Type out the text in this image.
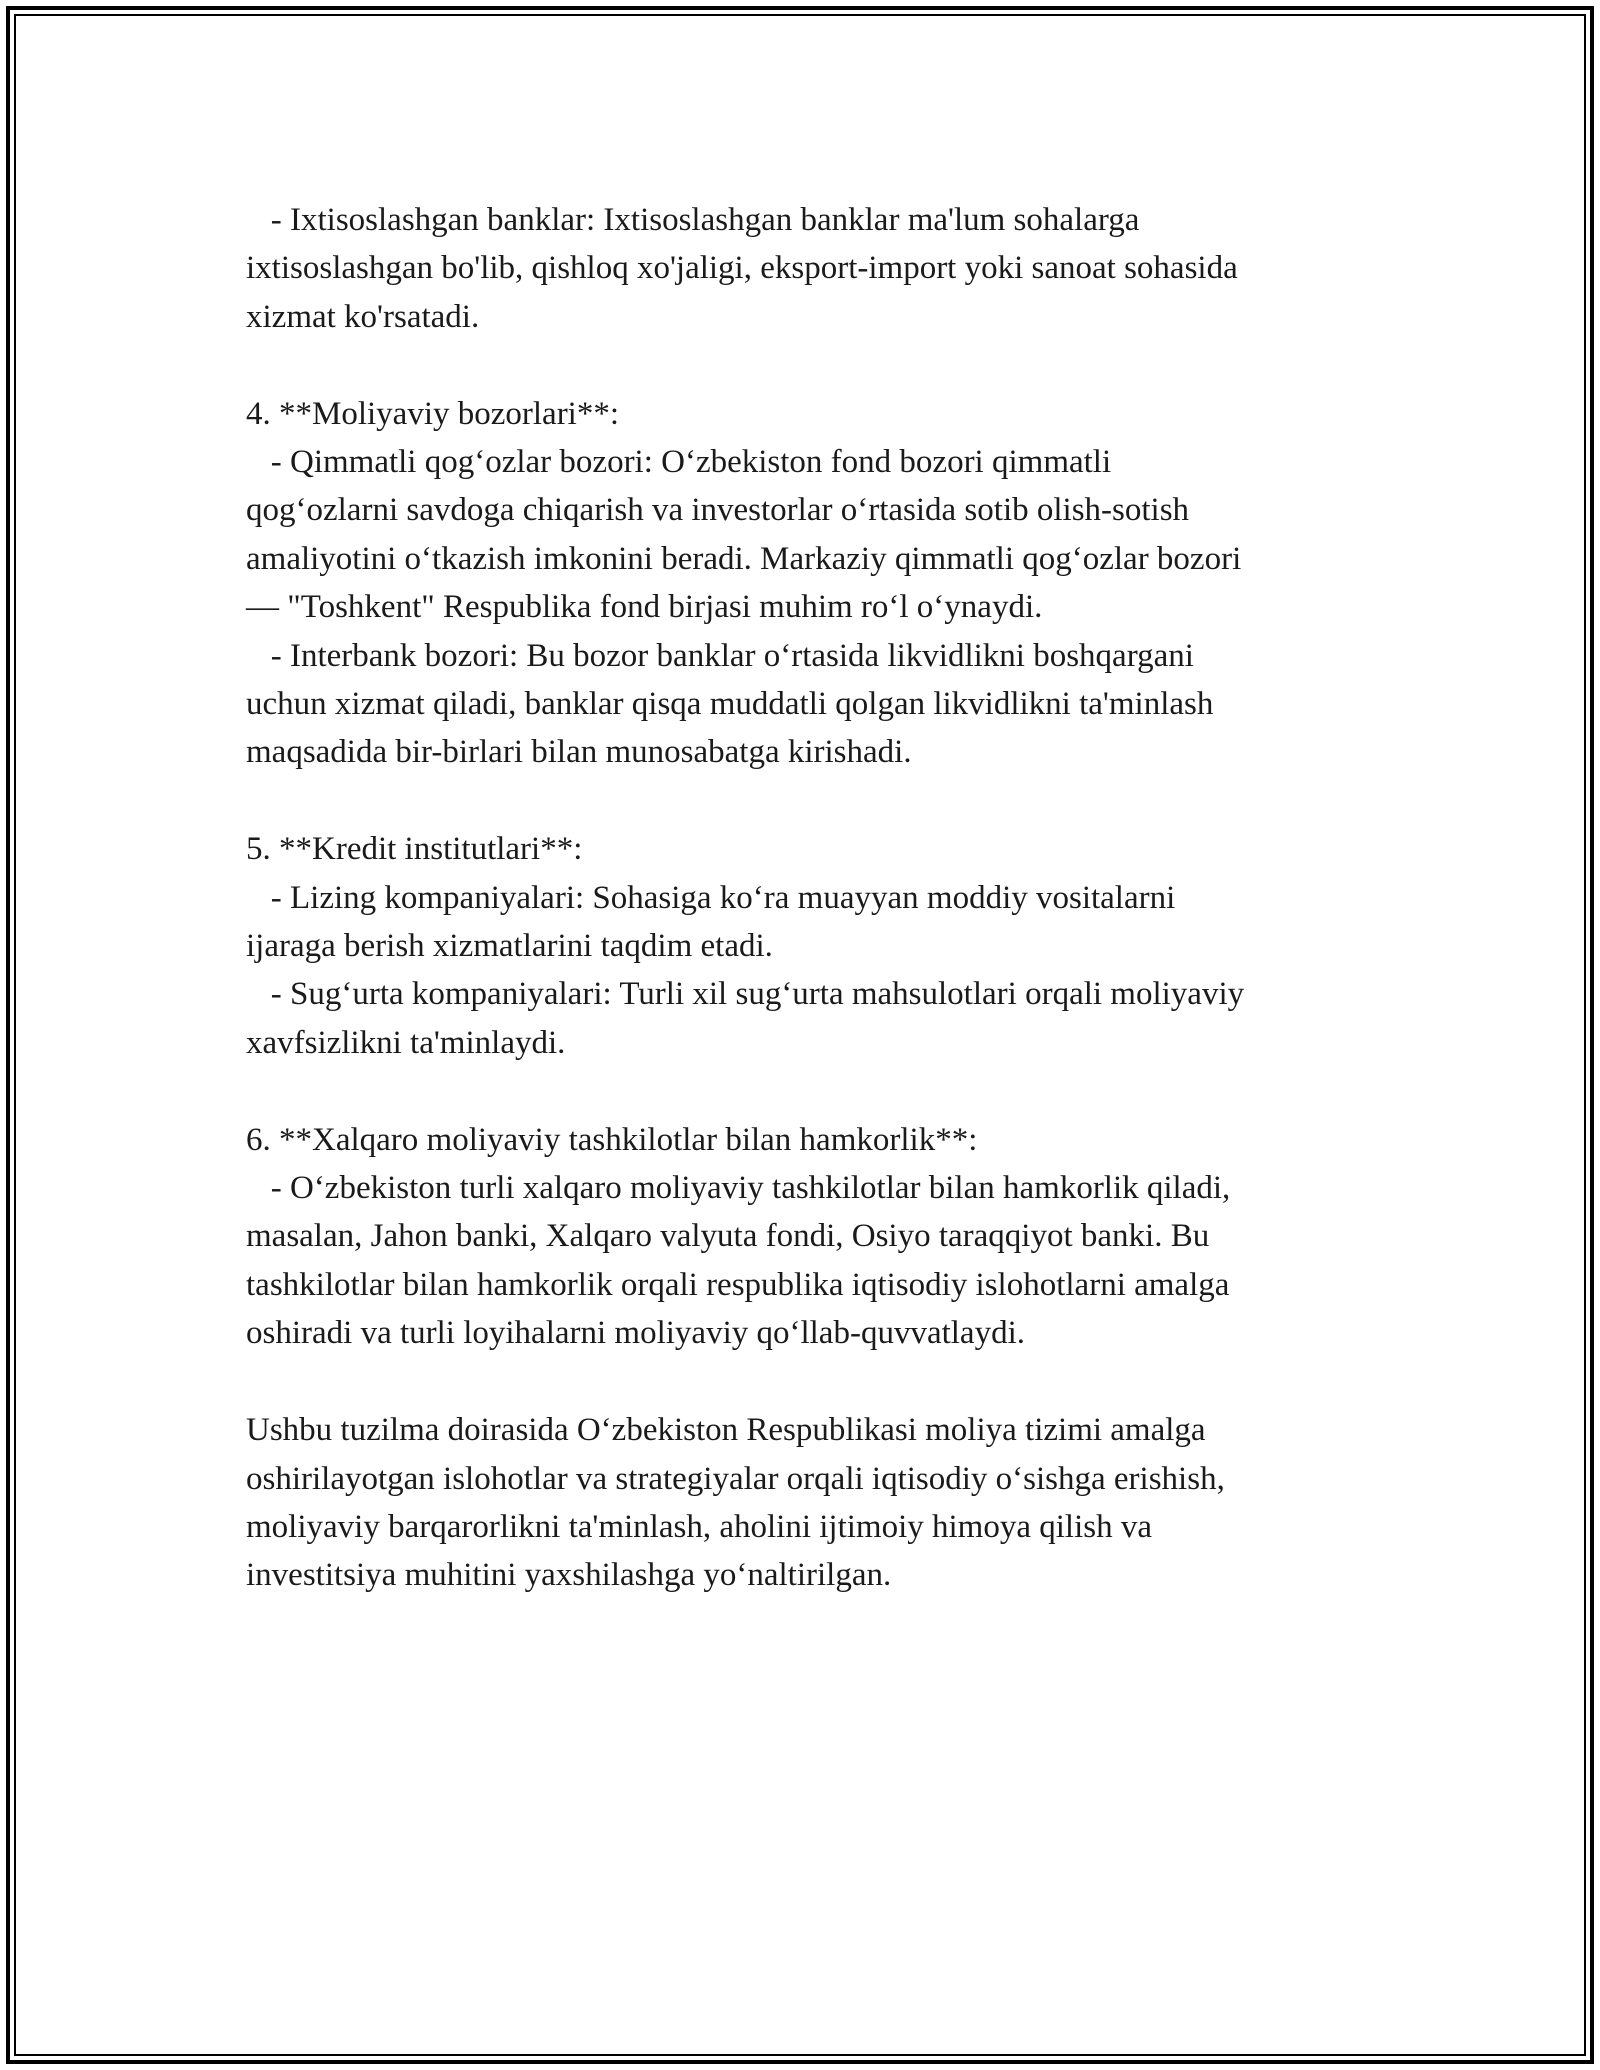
- Ixtisoslashgan banklar: Ixtisoslashgan banklar ma'lum sohalarga
ixtisoslashgan bo'lib, qishloq xo'jaligi, eksport-import yoki sanoat sohasida
xizmat ko'rsatadi.
4. **Moliyaviy bozorlari**:
- Qimmatli qog‘ozlar bozori: O‘zbekiston fond bozori qimmatli
qog‘ozlarni savdoga chiqarish va investorlar o‘rtasida sotib olish-sotish
amaliyotini o‘tkazish imkonini beradi. Markaziy qimmatli qog‘ozlar bozori
— "Toshkent" Respublika fond birjasi muhim ro‘l o‘ynaydi.
- Interbank bozori: Bu bozor banklar o‘rtasida likvidlikni boshqargani
uchun xizmat qiladi, banklar qisqa muddatli qolgan likvidlikni ta'minlash
maqsadida bir-birlari bilan munosabatga kirishadi.
5. **Kredit institutlari**:
- Lizing kompaniyalari: Sohasiga ko‘ra muayyan moddiy vositalarni
ijaraga berish xizmatlarini taqdim etadi.
- Sug‘urta kompaniyalari: Turli xil sug‘urta mahsulotlari orqali moliyaviy
xavfsizlikni ta'minlaydi.
6. **Xalqaro moliyaviy tashkilotlar bilan hamkorlik**:
- O‘zbekiston turli xalqaro moliyaviy tashkilotlar bilan hamkorlik qiladi,
masalan, Jahon banki, Xalqaro valyuta fondi, Osiyo taraqqiyot banki. Bu
tashkilotlar bilan hamkorlik orqali respublika iqtisodiy islohotlarni amalga
oshiradi va turli loyihalarni moliyaviy qo‘llab-quvvatlaydi.
Ushbu tuzilma doirasida O‘zbekiston Respublikasi moliya tizimi amalga
oshirilayotgan islohotlar va strategiyalar orqali iqtisodiy o‘sishga erishish,
moliyaviy barqarorlikni ta'minlash, aholini ijtimoiy himoya qilish va
investitsiya muhitini yaxshilashga yo‘naltirilgan.
